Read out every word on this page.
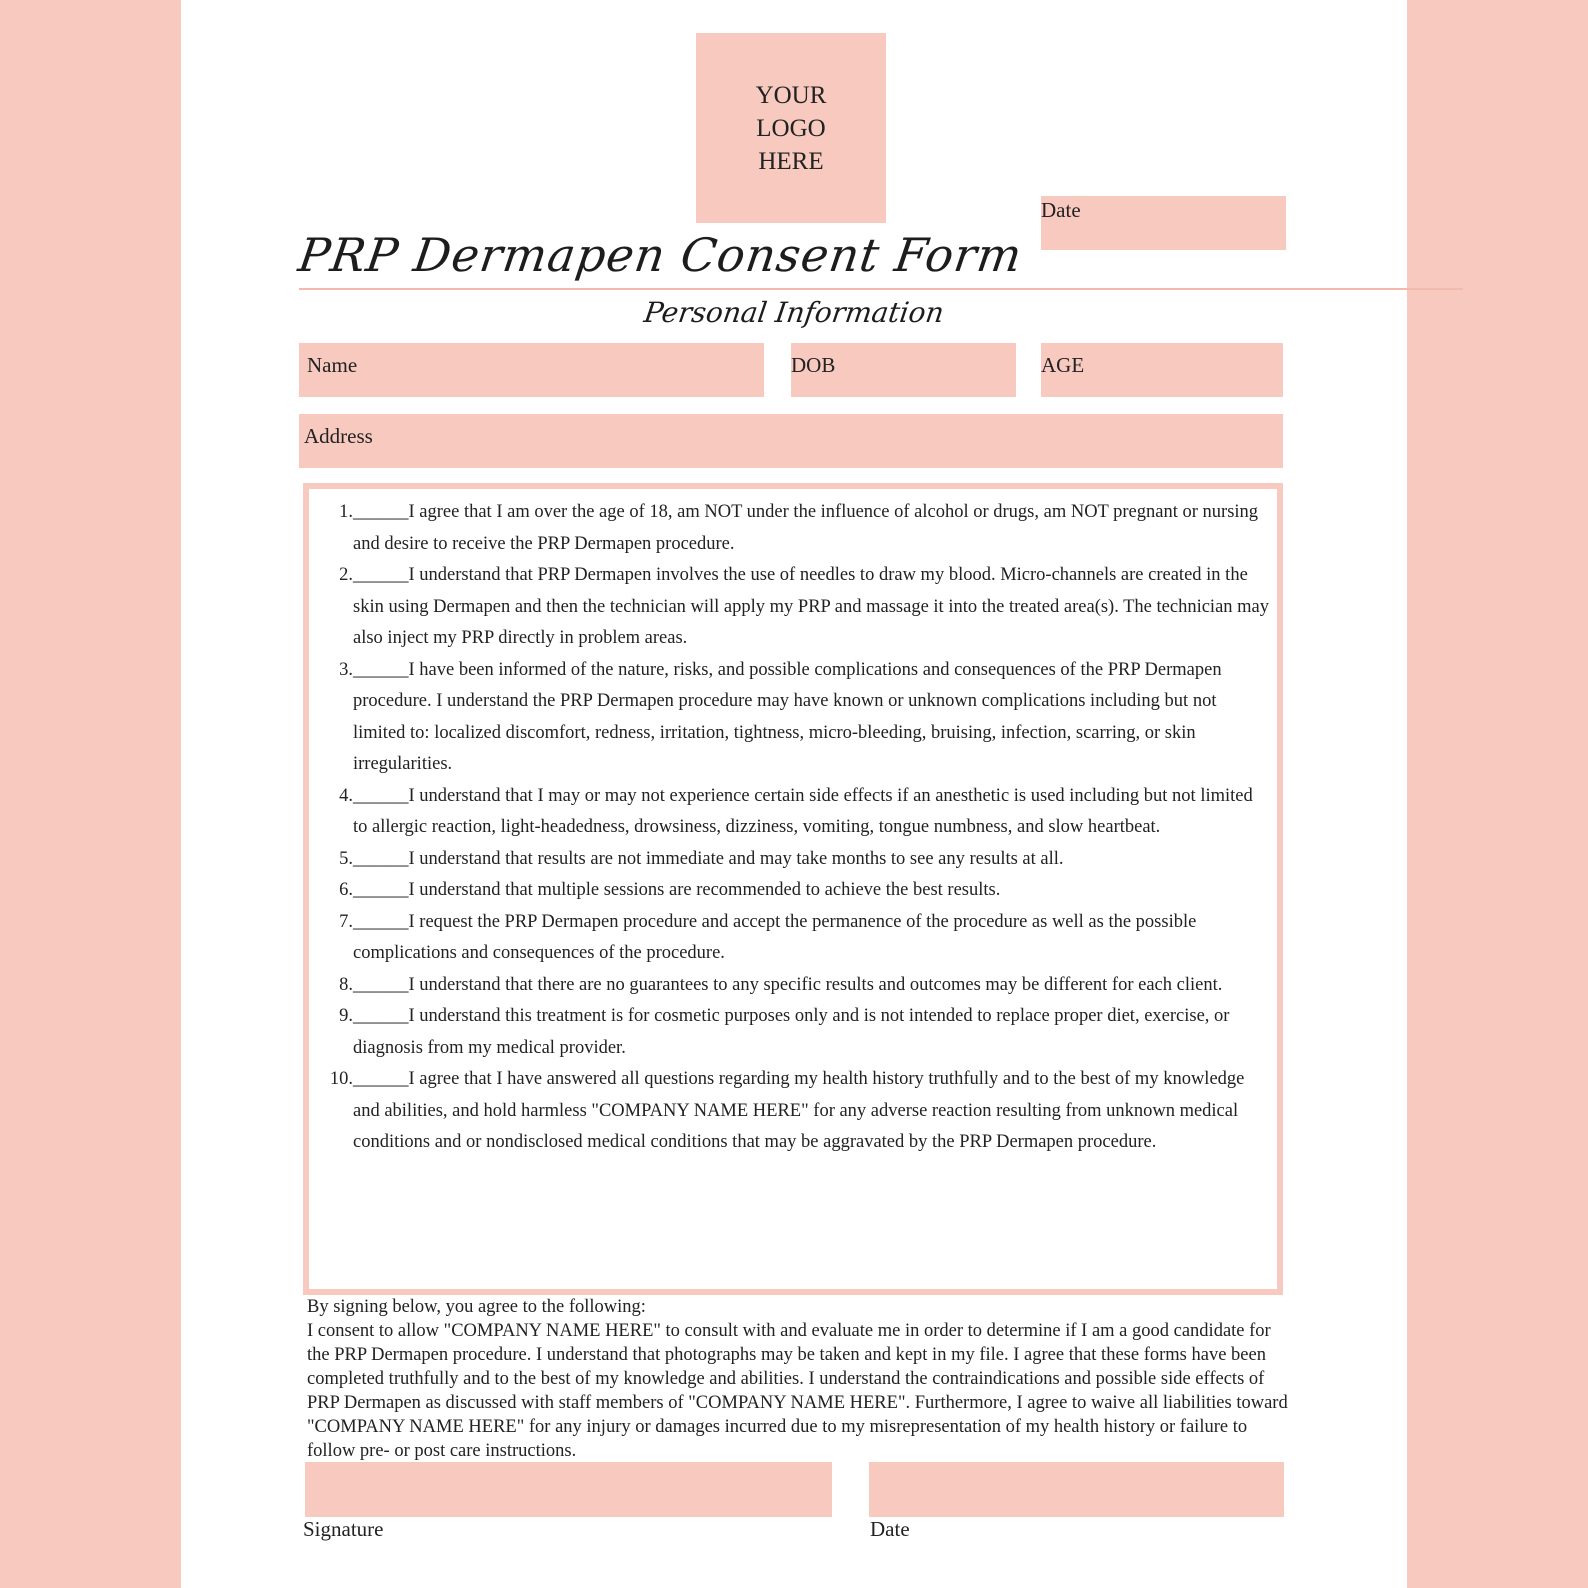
YOUR
LOGO
HERE
Date
PRP Dermapen Consent Form
Personal Information
Name	DOB	AGE
Address
1. ______I agree that I am over the age of 18, am NOT under the influence of alcohol or drugs, am NOT pregnant or nursing and desire to receive the PRP Dermapen procedure.
2. ______I understand that PRP Dermapen involves the use of needles to draw my blood. Micro-channels are created in the skin using Dermapen and then the technician will apply my PRP and massage it into the treated area(s). The technician may also inject my PRP directly in problem areas.
3. ______I have been informed of the nature, risks, and possible complications and consequences of the PRP Dermapen procedure. I understand the PRP Dermapen procedure may have known or unknown complications including but not limited to: localized discomfort, redness, irritation, tightness, micro-bleeding, bruising, infection, scarring, or skin irregularities.
4. ______I understand that I may or may not experience certain side effects if an anesthetic is used including but not limited to allergic reaction, light-headedness, drowsiness, dizziness, vomiting, tongue numbness, and slow heartbeat.
5. ______I understand that results are not immediate and may take months to see any results at all.
6. ______I understand that multiple sessions are recommended to achieve the best results.
7. ______I request the PRP Dermapen procedure and accept the permanence of the procedure as well as the possible complications and consequences of the procedure.
8. ______I understand that there are no guarantees to any specific results and outcomes may be different for each client.
9. ______I understand this treatment is for cosmetic purposes only and is not intended to replace proper diet, exercise, or diagnosis from my medical provider.
10. ______I agree that I have answered all questions regarding my health history truthfully and to the best of my knowledge and abilities, and hold harmless "COMPANY NAME HERE" for any adverse reaction resulting from unknown medical conditions and or nondisclosed medical conditions that may be aggravated by the PRP Dermapen procedure.
By signing below, you agree to the following:
I consent to allow "COMPANY NAME HERE" to consult with and evaluate me in order to determine if I am a good candidate for the PRP Dermapen procedure. I understand that photographs may be taken and kept in my file. I agree that these forms have been completed truthfully and to the best of my knowledge and abilities. I understand the contraindications and possible side effects of PRP Dermapen as discussed with staff members of "COMPANY NAME HERE". Furthermore, I agree to waive all liabilities toward "COMPANY NAME HERE" for any injury or damages incurred due to my misrepresentation of my health history or failure to follow pre- or post care instructions.
Signature	Date
